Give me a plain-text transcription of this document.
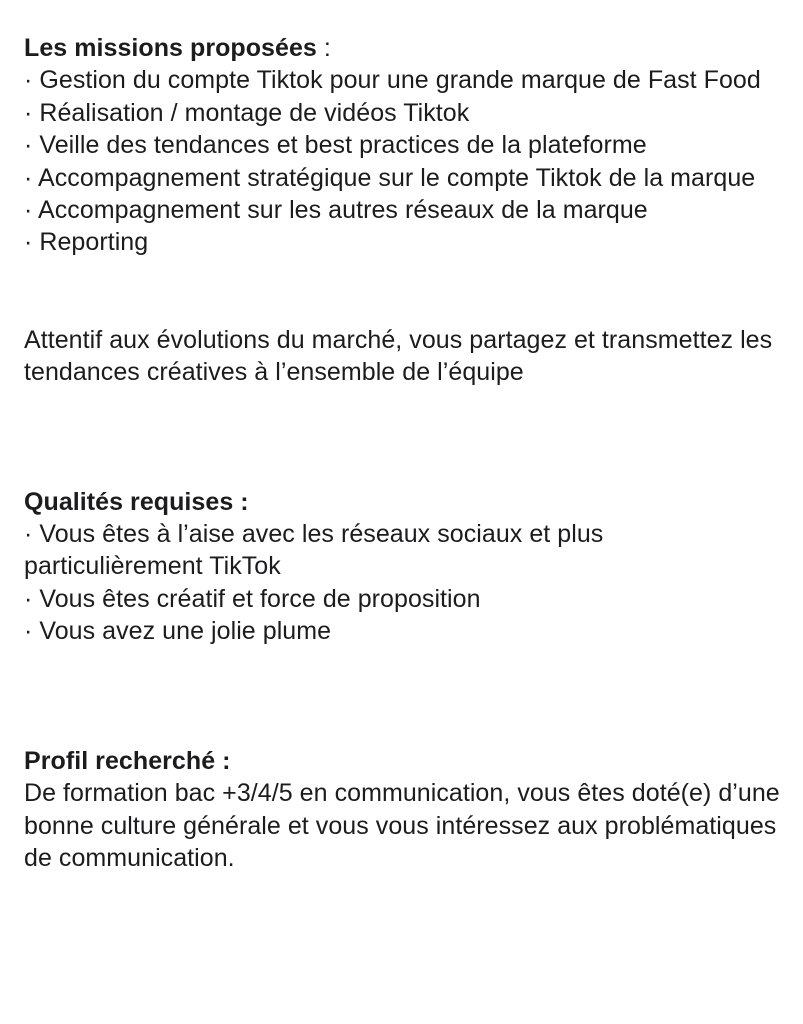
Les missions proposées :
· Gestion du compte Tiktok pour une grande marque de Fast Food
· Réalisation / montage de vidéos Tiktok
· Veille des tendances et best practices de la plateforme
· Accompagnement stratégique sur le compte Tiktok de la marque
· Accompagnement sur les autres réseaux de la marque
· Reporting

Attentif aux évolutions du marché, vous partagez et transmettez les tendances créatives à l’ensemble de l’équipe

Qualités requises :
· Vous êtes à l’aise avec les réseaux sociaux et plus particulièrement TikTok
· Vous êtes créatif et force de proposition
· Vous avez une jolie plume
Profil recherché :

De formation bac +3/4/5 en communication, vous êtes doté(e) d’une bonne culture générale et vous vous intéressez aux problématiques de communication.
